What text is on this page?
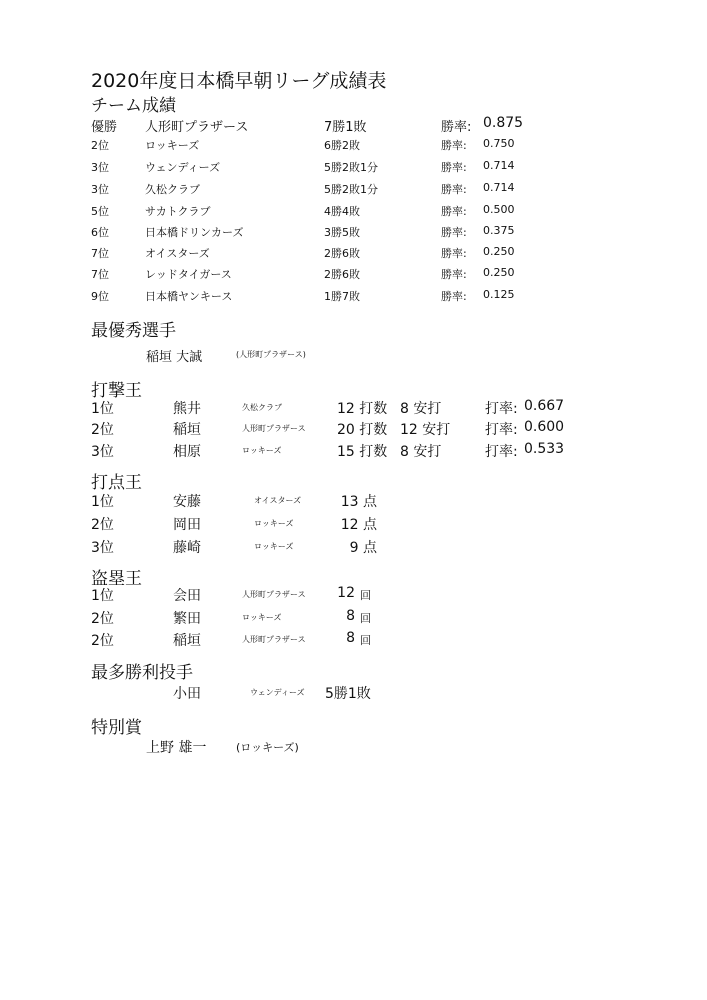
2020年度日本橋早朝リーグ成績表
チーム成績
優勝 人形町プラザース	7勝1敗	勝率: 0.875
2位	ロッキーズ	6勝2敗	勝率: 0.750
3位	ウェンディーズ	5勝2敗1分	勝率: 0.714
3位	久松クラブ	5勝2敗1分	勝率: 0.714
5位	サカトクラブ	4勝4敗	勝率: 0.500
6位	日本橋ドリンカーズ	3勝5敗	勝率: 0.375
7位	オイスターズ	2勝6敗	勝率: 0.250
7位	レッドタイガース	2勝6敗	勝率: 0.250
9位	日本橋ヤンキース	1勝7敗	勝率: 0.125
最優秀選手
稲垣 大誠	(人形町プラザース)
打撃王
1位	熊井	久松クラブ	12 打数 8 安打	打率: 0.667
2位	稲垣	人形町プラザース 20 打数 12 安打 打率: 0.600
3位	相原	ロッキーズ	15 打数 8 安打	打率: 0.533
打点王
1位	安藤	オイスターズ	13 点
2位	岡田	ロッキーズ	12 点
3位	藤崎	ロッキーズ	9 点
盗塁王
1位	会田	人形町プラザース	12 回
2位	繁田	ロッキーズ	8 回
2位	稲垣	人形町プラザース	8 回
最多勝利投手
小田	ウェンディーズ 5勝1敗
特別賞
上野 雄一	(ロッキーズ)
